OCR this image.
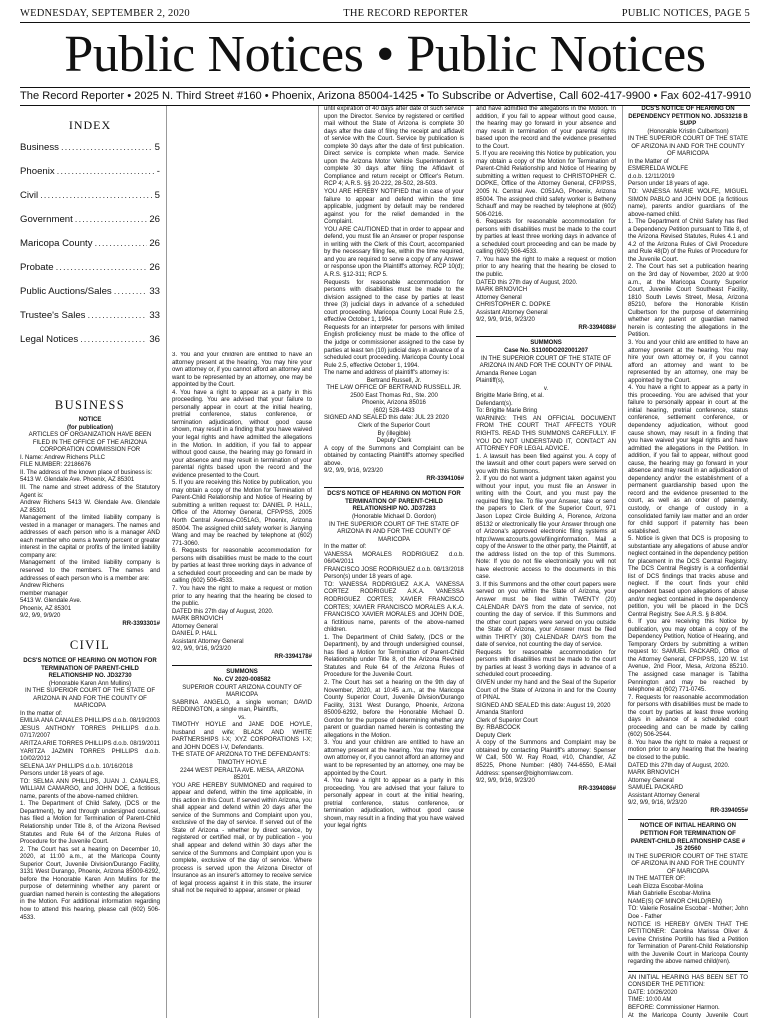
WEDNESDAY, SEPTEMBER 2, 2020	THE RECORD REPORTER	PUBLIC NOTICES, PAGE 5
Public Notices • Public Notices
The Record Reporter • 2025 N. Third Street #160 • Phoenix, Arizona 85004-1425 • To Subscribe or Advertise, Call 602-417-9900 • Fax 602-417-9910
INDEX
Business .....	5
Phoenix .....	-
Civil .....	5
Government .....	26
Maricopa County .....	26
Probate .....	26
Public Auctions/Sales .....	33
Trustee's Sales .....	33
Legal Notices .....	36
BUSINESS

NOTICE

(for publication)

ARTICLES OF ORGANIZATION HAVE BEEN FILED IN THE OFFICE OF THE ARIZONA CORPORATION COMMISSION FOR

I. Name: Andrew Richens PLLC

FILE NUMBER: 22186676

II. The address of the known place of business is:

5413 W. Glendale Ave. Phoenix, AZ 85301

III. The name and street address of the Statutory Agent is:

Andrew Richens 5413 W. Glendale Ave. Glendale AZ 85301

Management of the limited liability company is vested in a manager or managers. The names and addresses of each person who is a manager AND each member who owns a twenty percent or greater interest in the capital or profits of the limited liability company are:

Management of the limited liability company is reserved to the members. The names and addresses of each person who is a member are:

Andrew Richens

member manager

5413 W. Glendale Ave.

Phoenix, AZ 85301

9/2, 9/9, 9/9/20

RR-3393301#

CIVIL

DCS'S NOTICE OF HEARING ON MOTION FOR TERMINATION OF PARENT-CHILD RELATIONSHIP NO. JD32730

(Honorable Karen Ann Mullins)

IN THE SUPERIOR COURT OF THE STATE OF ARIZONA IN AND FOR THE COUNTY OF MARICOPA

In the matter of:

EMILIA ANA CANALES PHILLIPS d.o.b. 08/19/2003

JESUS ANTHONY TORRES PHILLIPS d.o.b. 07/17/2007

ARITZA ARIE TORRES PHILLIPS d.o.b. 08/19/2011

YARITZA JAZMIN TORRES PHILLIPS d.o.b. 10/02/2012

SELENA JAY PHILLIPS d.o.b. 10/16/2018

Persons under 18 years of age.

TO: SELMA ANN PHILLIPS, JUAN J. CANALES, WILLIAM CAMARGO, and JOHN DOE, a fictitious name, parents of the above-named children.

1. The Department of Child Safety, (DCS or the Department), by and through undersigned counsel, has filed a Motion for Termination of Parent-Child Relationship under Title 8, of the Arizona Revised Statutes and Rule 64 of the Arizona Rules of Procedure for the Juvenile Court.

2. The Court has set a hearing on December 10, 2020, at 11:00 a.m., at the Maricopa County Superior Court, Juvenile Division/Durango Facility, 3131 West Durango, Phoenix, Arizona 85009-6292, before the Honorable Karen Ann Mullins for the purpose of determining whether any parent or guardian named herein is contesting the allegations in the Motion. For additional information regarding how to attend this hearing, please call (602) 506-4533.

3. You and your children are entitled to have an attorney present at the hearing. You may hire your own attorney or, if you cannot afford an attorney and want to be represented by an attorney, one may be appointed by the Court.

4. You have a right to appear as a party in this proceeding. You are advised that your failure to personally appear in court at the initial hearing, pretrial conference, status conference, or termination adjudication, without good cause shown, may result in a finding that you have waived your legal rights and have admitted the allegations in the Motion. In addition, if you fail to appear without good cause, the hearing may go forward in your absence and may result in termination of your parental rights based upon the record and the evidence presented to the Court.

5. If you are receiving this Notice by publication, you may obtain a copy of the Motion for Termination of Parent-Child Relationship and Notice of Hearing by submitting a written request to: DANIEL P. HALL, Office of the Attorney General, CFP/PSS, 2005 North Central Avenue-C051AG, Phoenix, Arizona 85004. The assigned child safety worker is Jianying Wang and may be reached by telephone at (602) 771-3060.

6. Requests for reasonable accommodation for persons with disabilities must be made to the court by parties at least three working days in advance of a scheduled court proceeding and can be made by calling (602) 506-4533.

7. You have the right to make a request or motion prior to any hearing that the hearing be closed to the public.

DATED this 27th day of August, 2020.

MARK BRNOVICH

Attorney General

DANIEL P. HALL

Assistant Attorney General

9/2, 9/9, 9/16, 9/23/20

RR-3394178#

SUMMONS

No. CV 2020-008582

SUPERIOR COURT ARIZONA COUNTY OF MARICOPA

SABRINA ANGELO, a single woman; DAVID REDDINGTON, a single man, Plaintiffs,

vs.

TIMOTHY HOYLE and JANE DOE HOYLE, husband and wife; BLACK AND WHITE PARTNERSHIPS I-X; XYZ CORPORATIONS I-X; and JOHN DOES I-V, Defendants.

THE STATE OF ARIZONA TO THE DEFENDANTS:

TIMOTHY HOYLE

2244 WEST PERALTA AVE. MESA, ARIZONA 85201

YOU ARE HEREBY SUMMONED and required to appear and defend, within the time applicable, in this action in this Court. If served within Arizona, you shall appear and defend within 20 days after the service of the Summons and Complaint upon you, exclusive of the day of service. If served out of the State of Arizona - whether by direct service, by registered or certified mail, or by publication - you shall appear and defend within 30 days after the service of the Summons and Complaint upon you is complete, exclusive of the day of service. Where process is served upon the Arizona Director of Insurance as an insurer's attorney to receive service of legal process against it in this state, the insurer shall not be required to appear, answer or plead

until expiration of 40 days after date of such service upon the Director. Service by registered or certified mail without the State of Arizona is complete 30 days after the date of filing the receipt and affidavit of service with the Court. Service by publication is complete 30 days after the date of first publication. Direct service is complete when made. Service upon the Arizona Motor Vehicle Superintendent is complete 30 days after filing the Affidavit of Compliance and return receipt or Officer's Return. RCP 4; A.R.S. §§ 20-222, 28-502, 28-503.

YOU ARE HEREBY NOTIFIED that in case of your failure to appear and defend within the time applicable, judgment by default may be rendered against you for the relief demanded in the Complaint.

YOU ARE CAUTIONED that in order to appear and defend, you must file an Answer or proper response in writing with the Clerk of this Court, accompanied by the necessary filing fee, within the time required, and you are required to serve a copy of any Answer or response upon the Plaintiff's attorney. RCP 10(d); A.R.S. §12-311; RCP 5.

Requests for reasonable accommodation for persons with disabilities must be made to the division assigned to the case by parties at least three (3) judicial days in advance of a scheduled court proceeding. Maricopa County Local Rule 2.5, effective October 1, 1994.

Requests for an interpreter for persons with limited English proficiency must be made to the office of the judge or commissioner assigned to the case by parties at least ten (10) judicial days in advance of a scheduled court proceeding. Maricopa County Local Rule 2.5, effective October 1, 1994.

The name and address of plaintiff's attorney is:

Bertrand Russell, Jr.

THE LAW OFFICE OF BERTRAND RUSSELL JR.

2500 East Thomas Rd., Ste. 200

Phoenix, Arizona 85016

(602) 528-4433

SIGNED AND SEALED this date: JUL 23 2020

Clerk of the Superior Court

By (illegible)

Deputy Clerk

A copy of the Summons and Complaint can be obtained by contacting Plaintiff's attorney specified above.

9/2, 9/9, 9/16, 9/23/20

RR-3394106#

DCS'S NOTICE OF HEARING ON MOTION FOR TERMINATION OF PARENT-CHILD RELATIONSHIP NO. JD37283

(Honorable Michael D. Gordon)

IN THE SUPERIOR COURT OF THE STATE OF ARIZONA IN AND FOR THE COUNTY OF MARICOPA

In the matter of:

VANESSA MORALES RODRIGUEZ d.o.b. 06/04/2011

FRANCISCO JOSE RODRIGUEZ d.o.b. 08/13/2018

Person(s) under 18 years of age.

TO: VANESSA RODRIGUEZ A.K.A. VANESSA CORTEZ RODRIGUEZ A.K.A. VANESSA RODRIGUEZ CORTES; XAVIER FRANCISCO CORTES; XAVIER FRANCISCO MORALES A.K.A. FRANCISCO XAVIER MORALES and JOHN DOE, a fictitious name, parents of the above-named children.

1. The Department of Child Safety, (DCS or the Department), by and through undersigned counsel, has filed a Motion for Termination of Parent-Child Relationship under Title 8, of the Arizona Revised Statutes and Rule 64 of the Arizona Rules of Procedure for the Juvenile Court.

2. The Court has set a hearing on the 9th day of November, 2020, at 10:45 a.m., at the Maricopa County Superior Court, Juvenile Division/Durango Facility, 3131 West Durango, Phoenix, Arizona 85009-6292, before the Honorable Michael D. Gordon for the purpose of determining whether any parent or guardian named herein is contesting the allegations in the Motion.

3. You and your children are entitled to have an attorney present at the hearing. You may hire your own attorney or, if you cannot afford an attorney and want to be represented by an attorney, one may be appointed by the Court.

4. You have a right to appear as a party in this proceeding. You are advised that your failure to personally appear in court at the initial hearing, pretrial conference, status conference, or termination adjudication, without good cause shown, may result in a finding that you have waived your legal rights

and have admitted the allegations in the Motion. In addition, if you fail to appear without good cause, the hearing may go forward in your absence and may result in termination of your parental rights based upon the record and the evidence presented to the Court.

5. If you are receiving this Notice by publication, you may obtain a copy of the Motion for Termination of Parent-Child Relationship and Notice of Hearing by submitting a written request to CHRISTOPHER C. DOPKE, Office of the Attorney General, CFP/PSS, 2005 N. Central Ave. C051AG, Phoenix, Arizona 85004. The assigned child safety worker is Betheny Schauff and may be reached by telephone at (602) 506-0216.

6. Requests for reasonable accommodation for persons with disabilities must be made to the court by parties at least three working days in advance of a scheduled court proceeding and can be made by calling (602) 506-4533.

7. You have the right to make a request or motion prior to any hearing that the hearing be closed to the public.

DATED this 27th day of August, 2020.

MARK BRNOVICH

Attorney General

CHRISTOPHER C. DOPKE

Assistant Attorney General

9/2, 9/9, 9/16, 9/23/20

RR-3394088#

SUMMONS

Case No. S1100DO202001207

IN THE SUPERIOR COURT OF THE STATE OF ARIZONA IN AND FOR THE COUNTY OF PINAL

Amanda Renee Logan

Plaintiff(s),

v.

Brigitte Marie Bring, et al.

Defendant(s).

To: Brigitte Marie Bring

WARNING: THIS AN OFFICIAL DOCUMENT FROM THE COURT THAT AFFECTS YOUR RIGHTS. READ THIS SUMMONS CAREFULLY. IF YOU DO NOT UNDERSTAND IT, CONTACT AN ATTORNEY FOR LEGAL ADVICE.

1. A lawsuit has been filed against you. A copy of the lawsuit and other court papers were served on you with this Summons.

2. If you do not want a judgment taken against you without your input, you must file an Answer in writing with the Court, and you must pay the required filing fee. To file your Answer, take or send the papers to Clerk of the Superior Court, 971 Jason Lopez Circle Building A, Florence, Arizona 85132 or electronically file your Answer through one of Arizona's approved electronic filing systems at http://www.azcourts.gov/efilinginformation. Mail a copy of the Answer to the other party, the Plaintiff, at the address listed on the top of this Summons. Note: If you do not file electronically you will not have electronic access to the documents in this case.

3. If this Summons and the other court papers were served on you within the State of Arizona, your Answer must be filed within TWENTY (20) CALENDAR DAYS from the date of service, not counting the day of service. If this Summons and the other court papers were served on you outside the State of Arizona, your Answer must be filed within THIRTY (30) CALENDAR DAYS from the date of service, not counting the day of service.

Requests for reasonable accommodation for persons with disabilities must be made to the court by parties at least 3 working days in advance of a scheduled court proceeding.

GIVEN under my hand and the Seal of the Superior Court of the State of Arizona in and for the County of PINAL

SIGNED AND SEALED this date: August 19, 2020

Amanda Stanford

Clerk of Superior Court

By: RBABCOCK

Deputy Clerk

A copy of the Summons and Complaint may be obtained by contacting Plaintiff's attorney: Spenser W Call, 500 W. Ray Road, #10, Chandler, AZ 85225, Phone Number: (480) 744-6550, E-Mail Address: spenser@bighornlaw.com.

9/2, 9/9, 9/16, 9/23/20

RR-3394086#

DCS'S NOTICE OF HEARING ON DEPENDENCY PETITION NO. JD533218 B SUPP

(Honorable Kristin Culbertson)

IN THE SUPERIOR COURT OF THE STATE OF ARIZONA IN AND FOR THE COUNTY OF MARICOPA

In the Matter of

ESMERELDA WOLFE

d.o.b. 12/11/2019

Person under 18 years of age.

TO: VANESSA MARIE WOLFE, MIGUEL SIMON PABLO and JOHN DOE (a fictitious name), parents and/or guardians of the above-named child.

1. The Department of Child Safety has filed a Dependency Petition pursuant to Title 8, of the Arizona Revised Statutes, Rules 4.1 and 4.2 of the Arizona Rules of Civil Procedure and Rule 48(D) of the Rules of Procedure for the Juvenile Court.

2. The Court has set a publication hearing on the 3rd day of November, 2020 at 9:00 a.m., at the Maricopa County Superior Court, Juvenile Court Southeast Facility, 1810 South Lewis Street, Mesa, Arizona 85210, before the Honorable Kristin Culbertson for the purpose of determining whether any parent or guardian named herein is contesting the allegations in the Petition.

3. You and your child are entitled to have an attorney present at the hearing. You may hire your own attorney or, if you cannot afford an attorney and want to be represented by an attorney, one may be appointed by the Court.

4. You have a right to appear as a party in this proceeding. You are advised that your failure to personally appear in court at the initial hearing, pretrial conference, status conference, settlement conference, or dependency adjudication, without good cause shown, may result in a finding that you have waived your legal rights and have admitted the allegations in the Petition. In addition, if you fail to appear, without good cause, the hearing may go forward in your absence and may result in an adjudication of dependency and/or the establishment of a permanent guardianship based upon the record and the evidence presented to the court, as well as an order of paternity, custody, or change of custody in a consolidated family law matter and an order for child support if paternity has been established.

5. Notice is given that DCS is proposing to substantiate any allegations of abuse and/or neglect contained in the dependency petition for placement in the DCS Central Registry. The DCS Central Registry is a confidential list of DCS findings that tracks abuse and neglect. If the court finds your child dependent based upon allegations of abuse and/or neglect contained in the dependency petition, you will be placed in the DCS Central Registry. See A.R.S. § 8-804.

6. If you are receiving this Notice by publication, you may obtain a copy of the Dependency Petition, Notice of Hearing, and Temporary Orders by submitting a written request to: SAMUEL PACKARD, Office of the Attorney General, CFP/PSS, 120 W. 1st Avenue, 2nd Floor, Mesa, Arizona 85210. The assigned case manager is Tabitha Pennington and may be reached by telephone at (602) 771-0745.

7. Requests for reasonable accommodation for persons with disabilities must be made to the court by parties at least three working days in advance of a scheduled court proceeding and can be made by calling (602) 506-2544.

8. You have the right to make a request or motion prior to any hearing that the hearing be closed to the public.

DATED this 27th day of August, 2020.

MARK BRNOVICH

Attorney General

SAMUEL PACKARD

Assistant Attorney General

9/2, 9/9, 9/16, 9/23/20

RR-3394055#

NOTICE OF INITIAL HEARING ON PETITION FOR TERMINATION OF PARENT-CHILD RELATIONSHIP CASE # JS 20560

IN THE SUPERIOR COURT OF THE STATE OF ARIZONA IN AND FOR THE COUNTY OF MARICOPA

IN THE MATTER OF:

Leah Elizza Escobar-Molina

Miah Gabrielle Escobar-Molina

NAME(S) OF MINOR CHILD(REN)

TO: Valerie Rosaline Escobar - Mother; John Doe - Father

NOTICE IS HEREBY GIVEN THAT THE PETITIONER: Carolina Marissa Oliver & Levine Christine Portillo has filed a Petition for Termination of Parent-Child Relationship with the Juvenile Court in Maricopa County regarding the above named child(ren).

AN INITIAL HEARING HAS BEEN SET TO CONSIDER THE PETITION:

DATE: 10/26/2020

TIME: 10:00 AM

BEFORE: Commissioner Harmon.

At the Maricopa County Juvenile Court
